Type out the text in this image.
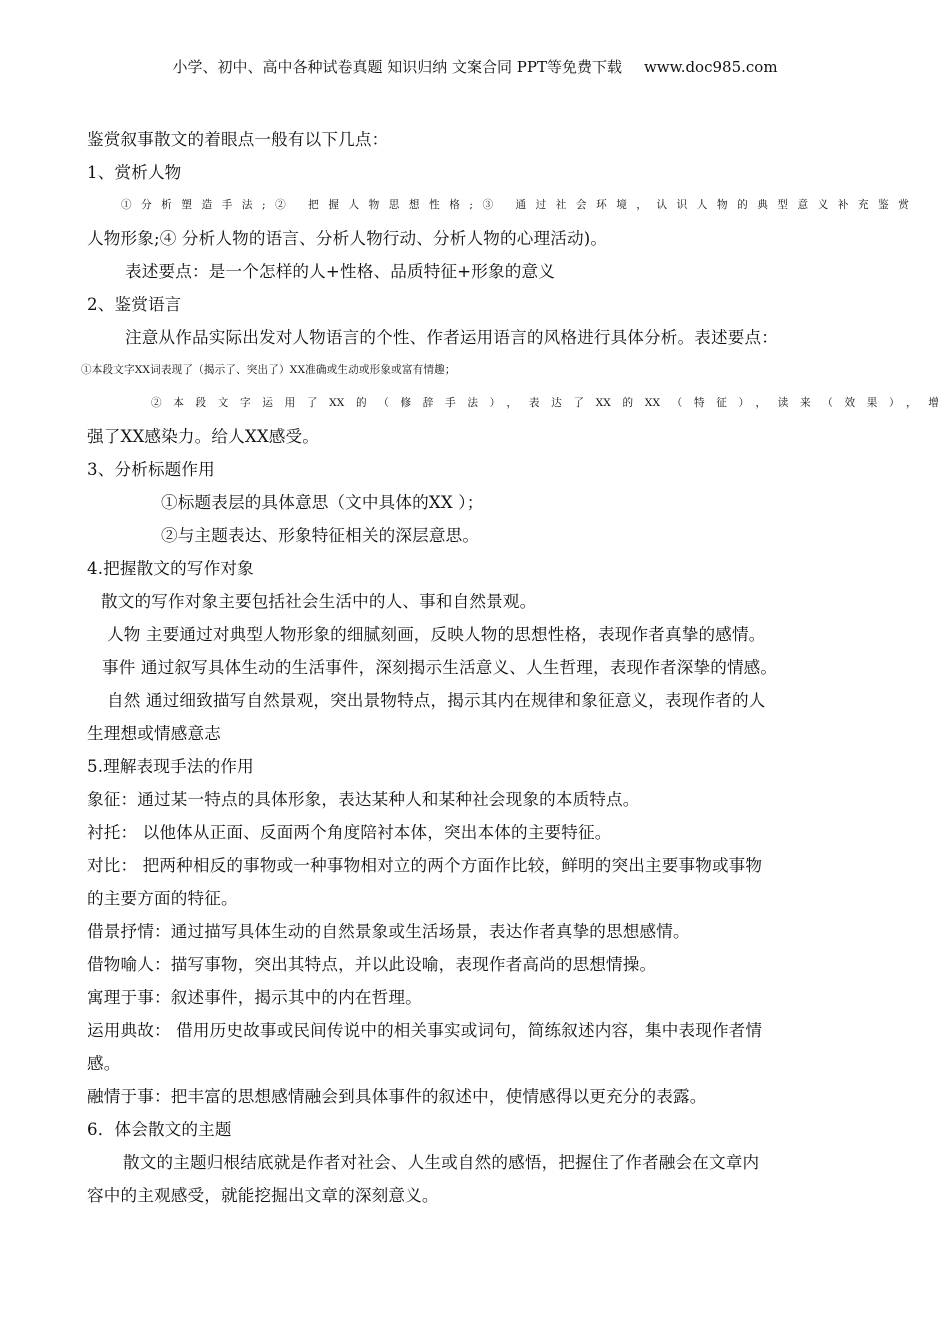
小学、初中、高中各种试卷真题 知识归纳 文案合同 PPT等免费下载 www.doc985.com
鉴赏叙事散文的着眼点一般有以下几点：
1、赏析人物
①分析塑造手法;② 把握人物思想性格;③ 通过社会环境，认识人物的典型意义补充鉴赏
人物形象;④ 分析人物的语言、分析人物行动、分析人物的心理活动)。
表述要点：是一个怎样的人+性格、品质特征+形象的意义
2、鉴赏语言
注意从作品实际出发对人物语言的个性、作者运用语言的风格进行具体分析。表述要点：
①本段文字XX词表现了（揭示了、突出了）XX准确或生动或形象或富有情趣；
②本段文字运用了XX的（修辞手法），表达了XX的XX（特征），读来（效果），增
强了XX感染力。给人XX感受。
3、分析标题作用
①标题表层的具体意思（文中具体的XX ）；
②与主题表达、形象特征相关的深层意思。
4.把握散文的写作对象
散文的写作对象主要包括社会生活中的人、事和自然景观。
人物 主要通过对典型人物形象的细腻刻画，反映人物的思想性格，表现作者真挚的感情。
事件 通过叙写具体生动的生活事件，深刻揭示生活意义、人生哲理，表现作者深挚的情感。
自然 通过细致描写自然景观，突出景物特点，揭示其内在规律和象征意义，表现作者的人
生理想或情感意志
5.理解表现手法的作用
象征：通过某一特点的具体形象，表达某种人和某种社会现象的本质特点。
衬托： 以他体从正面、反面两个角度陪衬本体，突出本体的主要特征。
对比： 把两种相反的事物或一种事物相对立的两个方面作比较，鲜明的突出主要事物或事物
的主要方面的特征。
借景抒情：通过描写具体生动的自然景象或生活场景，表达作者真挚的思想感情。
借物喻人：描写事物，突出其特点，并以此设喻，表现作者高尚的思想情操。
寓理于事：叙述事件，揭示其中的内在哲理。
运用典故： 借用历史故事或民间传说中的相关事实或词句，简练叙述内容，集中表现作者情
感。
融情于事：把丰富的思想感情融会到具体事件的叙述中，使情感得以更充分的表露。
6．体会散文的主题
散文的主题归根结底就是作者对社会、人生或自然的感悟，把握住了作者融会在文章内
容中的主观感受，就能挖掘出文章的深刻意义。
